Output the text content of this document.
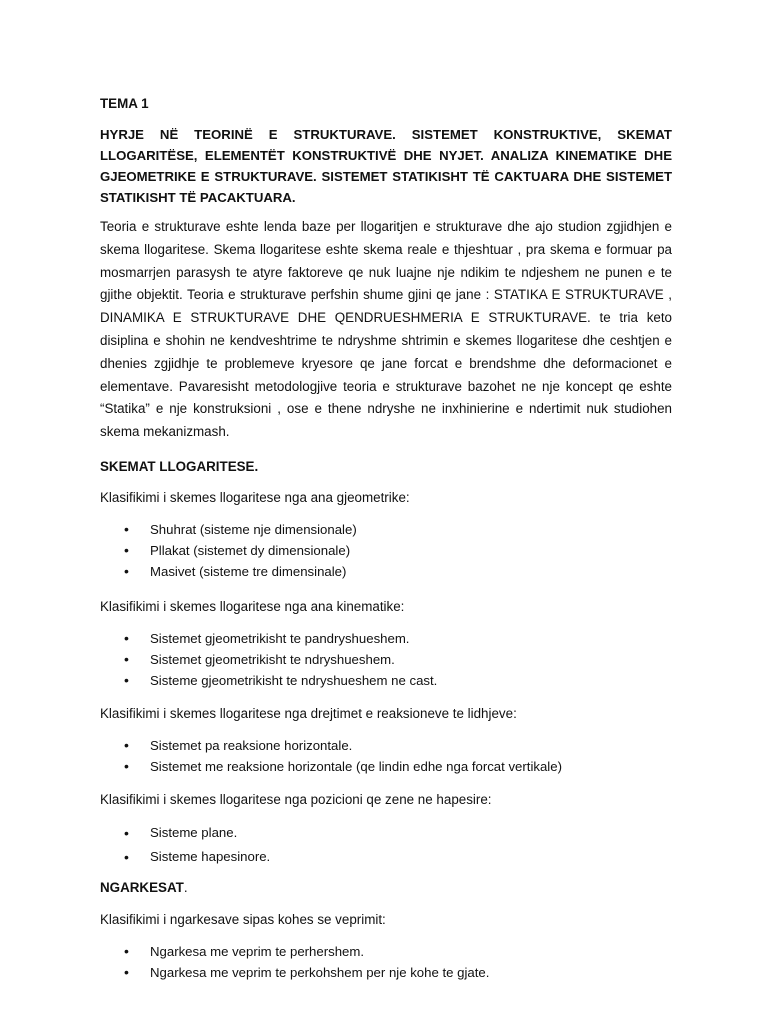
TEMA 1
HYRJE NË TEORINË E STRUKTURAVE. SISTEMET KONSTRUKTIVE, SKEMAT LLOGARITËSE, ELEMENTËT KONSTRUKTIVË DHE NYJET. ANALIZA KINEMATIKE DHE GJEOMETRIKE E STRUKTURAVE. SISTEMET STATIKISHT TË CAKTUARA DHE SISTEMET STATIKISHT TË PACAKTUARA.
Teoria e strukturave eshte lenda baze per llogaritjen e strukturave dhe ajo studion zgjidhjen e skema llogaritese. Skema llogaritese eshte skema reale e thjeshtuar , pra skema e formuar pa mosmarrjen parasysh te atyre faktoreve qe nuk luajne nje ndikim te ndjeshem ne punen e te gjithe objektit. Teoria e strukturave perfshin shume gjini qe jane : STATIKA E STRUKTURAVE , DINAMIKA E STRUKTURAVE DHE QENDRUESHMERIA E STRUKTURAVE. te tria keto disiplina e shohin ne kendveshtrime te ndryshme shtrimin e skemes llogaritese dhe ceshtjen e dhenies zgjidhje te problemeve kryesore qe jane forcat e brendshme dhe deformacionet e elementave. Pavaresisht metodologjive teoria e strukturave bazohet ne nje koncept qe eshte “Statika” e nje konstruksioni , ose e thene ndryshe ne inxhinierine e ndertimit nuk studiohen skema mekanizmash.
SKEMAT LLOGARITESE.
Klasifikimi i skemes llogaritese nga ana gjeometrike:
• Shuhrat (sisteme nje dimensionale)
• Pllakat (sistemet dy dimensionale)
• Masivet (sisteme tre dimensinale)
Klasifikimi i skemes llogaritese nga ana kinematike:
• Sistemet gjeometrikisht te pandryshueshem.
• Sistemet gjeometrikisht te ndryshueshem.
• Sisteme gjeometrikisht te ndryshueshem ne cast.
Klasifikimi i skemes llogaritese nga drejtimet e reaksioneve te lidhjeve:
• Sistemet pa reaksione horizontale.
• Sistemet me reaksione horizontale (qe lindin edhe nga forcat vertikale)
Klasifikimi i skemes llogaritese nga pozicioni qe zene ne hapesire:
• Sisteme plane.
• Sisteme hapesinore.
NGARKESAT.
Klasifikimi i ngarkesave sipas kohes se veprimit:
• Ngarkesa me veprim te perhershem.
• Ngarkesa me veprim te perkohshem per nje kohe te gjate.
